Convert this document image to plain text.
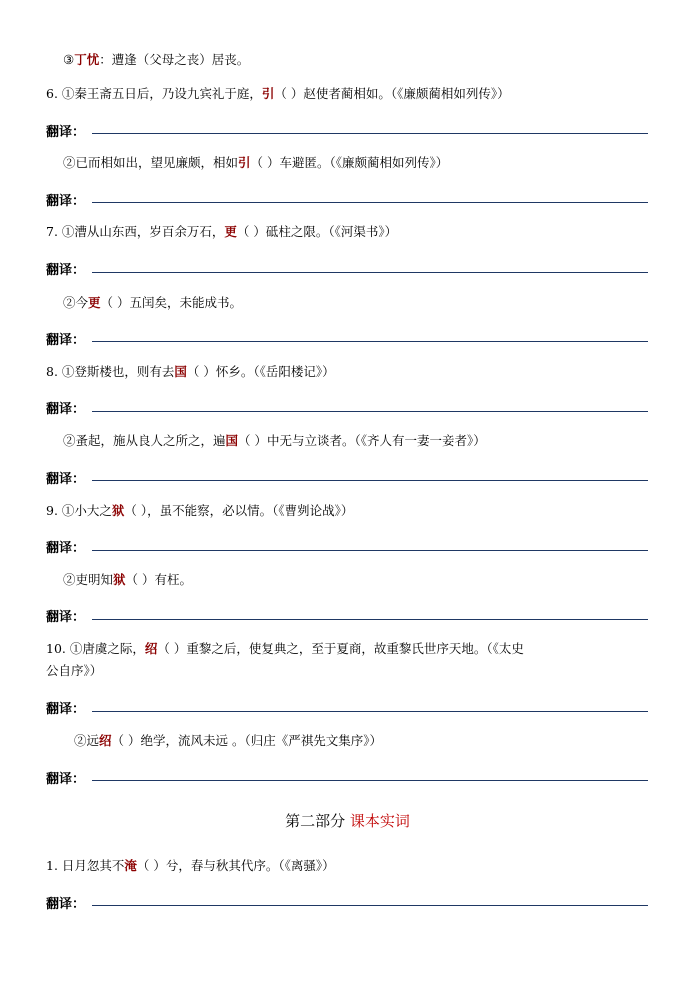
③丁忧：遭逢（父母之丧）居丧。
6. ①秦王斋五日后，乃设九宾礼于庭，引（ ）赵使者蔺相如。（《廉颇蔺相如列传》）
翻译：
②已而相如出，望见廉颇，相如引（ ）车避匿。（《廉颇蔺相如列传》）
翻译：
7. ①漕从山东西，岁百余万石，更（ ）砥柱之限。（《河渠书》）
翻译：
②今更（ ）五闰矣，未能成书。
翻译：
8. ①登斯楼也，则有去国（ ）怀乡。（《岳阳楼记》）
翻译：
②蚤起，施从良人之所之，遍国（ ）中无与立谈者。（《齐人有一妻一妾者》）
翻译：
9. ①小大之狱（ ），虽不能察，必以情。（《曹刿论战》）
翻译：
②吏明知狱（ ）有枉。
翻译：
10. ①唐虞之际，绍（ ）重黎之后，使复典之，至于夏商，故重黎氏世序天地。（《太史
公自序》）
翻译：
②远绍（ ）绝学，流风未远 。（归庄《严祺先文集序》）
翻译：
第二部分 课本实词
1. 日月忽其不淹（ ）兮，春与秋其代序。（《离骚》）
翻译：
